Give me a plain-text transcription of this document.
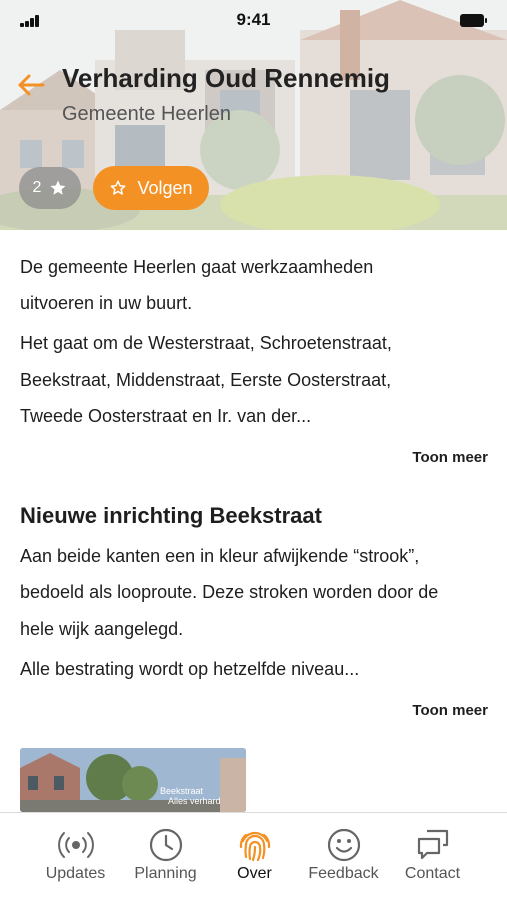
9:41
Verharding Oud Rennemig
Gemeente Heerlen
2	Volgen
De gemeente Heerlen gaat werkzaamheden
uitvoeren in uw buurt.
Het gaat om de Westerstraat, Schroetenstraat,
Beekstraat, Middenstraat, Eerste Oosterstraat,
Tweede Oosterstraat en Ir. van der...
Toon meer
Nieuwe inrichting Beekstraat
Aan beide kanten een in kleur afwijkende “strook”,
bedoeld als looproute. Deze stroken worden door de
hele wijk aangelegd.
Alle bestrating wordt op hetzelfde niveau...
Toon meer
Beekstraat
Alles verhard
Updates	Planning	Over	Feedback	Contact
